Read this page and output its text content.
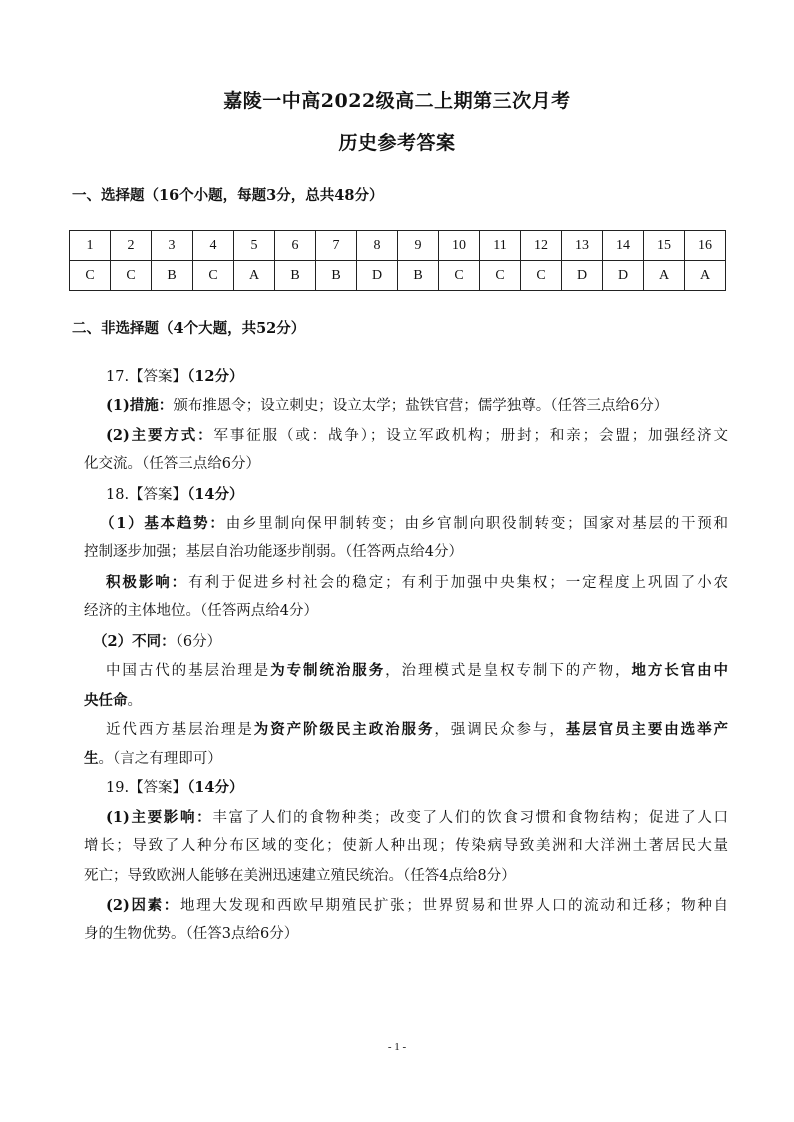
嘉陵一中高2022级高二上期第三次月考
历史参考答案
一、选择题（16个小题，每题3分，总共48分）
1	2	3	4	5	6	7	8	9	10	11	12	13	14	15	16
C	C	B	C	A	B	B	D	B	C	C	C	D	D	A	A
二、非选择题（4个大题，共52分）
17.【答案】（12分）
(1)措施：颁布推恩令；设立刺史；设立太学；盐铁官营；儒学独尊。（任答三点给6分）
(2)主要方式：军事征服（或：战争）；设立军政机构；册封；和亲；会盟；加强经济文
化交流。（任答三点给6分）
18.【答案】（14分）
（1）基本趋势：由乡里制向保甲制转变；由乡官制向职役制转变；国家对基层的干预和
控制逐步加强；基层自治功能逐步削弱。（任答两点给4分）
积极影响：有利于促进乡村社会的稳定；有利于加强中央集权；一定程度上巩固了小农
经济的主体地位。（任答两点给4分）
（2）不同：（6分）
中国古代的基层治理是为专制统治服务，治理模式是皇权专制下的产物，地方长官由中
央任命。
近代西方基层治理是为资产阶级民主政治服务，强调民众参与，基层官员主要由选举产
生。（言之有理即可）
19.【答案】（14分）
(1)主要影响：丰富了人们的食物种类；改变了人们的饮食习惯和食物结构；促进了人口
增长；导致了人种分布区域的变化；使新人种出现；传染病导致美洲和大洋洲土著居民大量
死亡；导致欧洲人能够在美洲迅速建立殖民统治。（任答4点给8分）
(2)因素：地理大发现和西欧早期殖民扩张；世界贸易和世界人口的流动和迁移；物种自
身的生物优势。（任答3点给6分）
- 1 -
